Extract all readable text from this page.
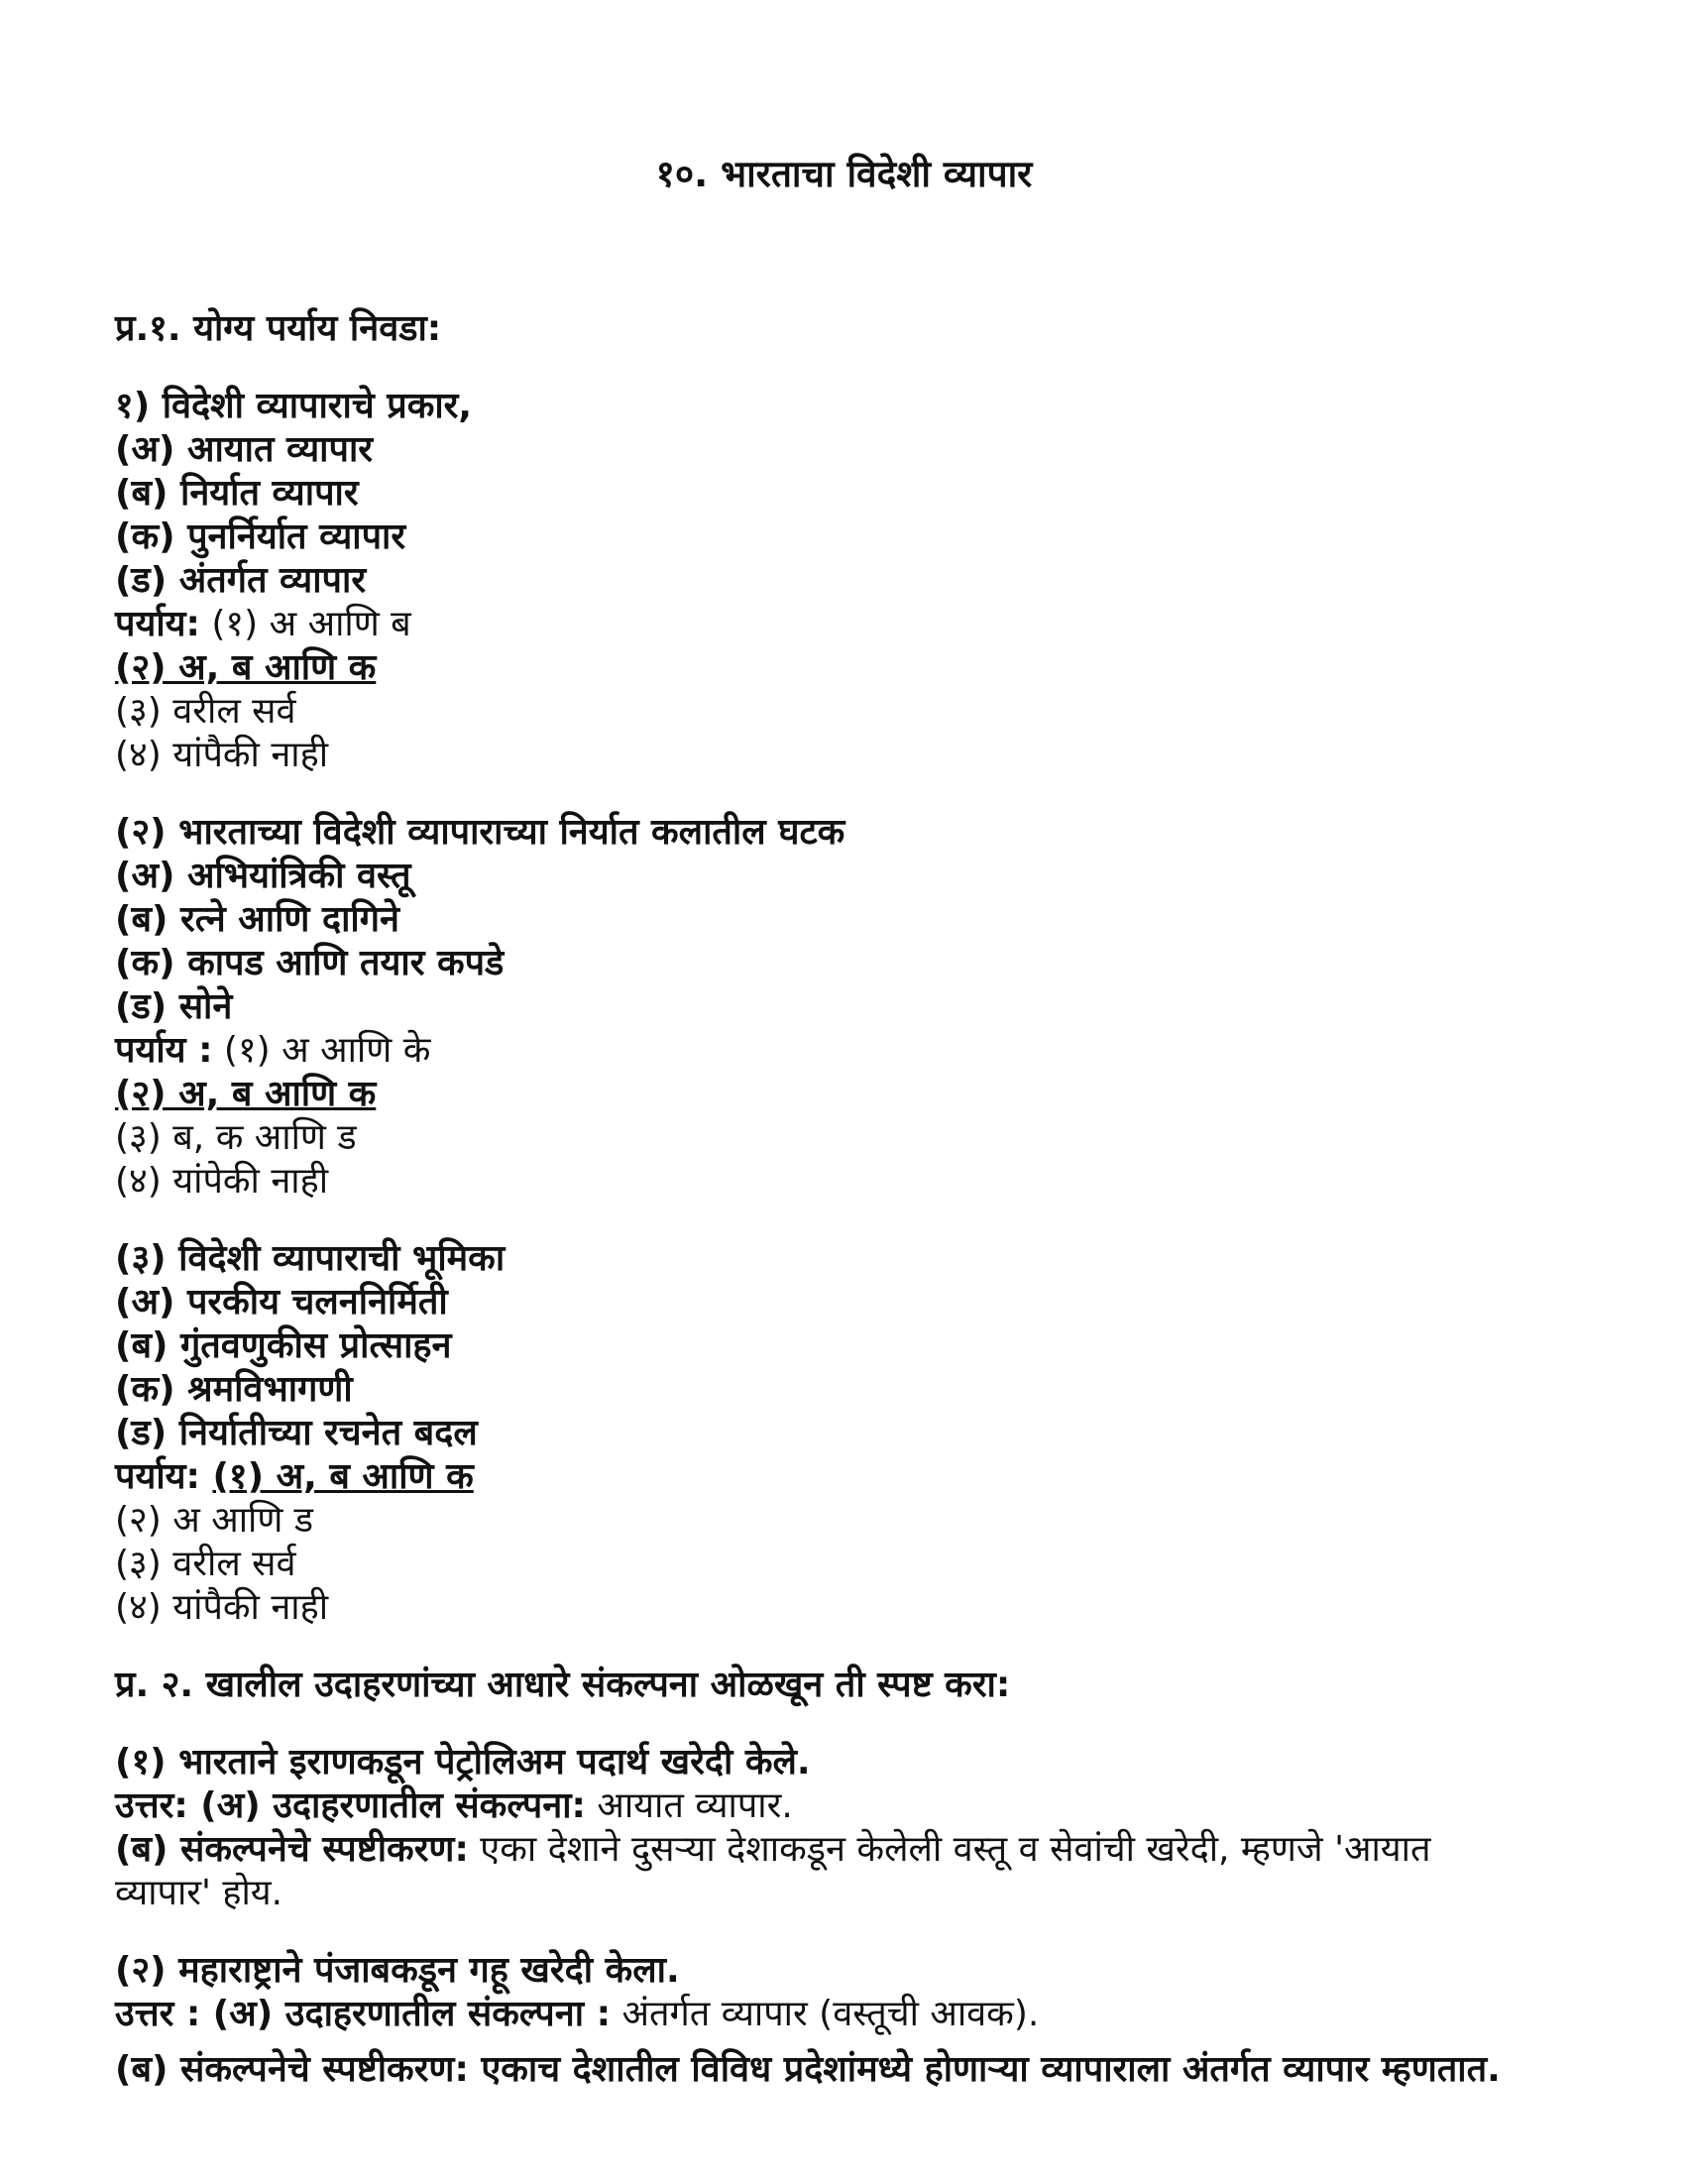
१०. भारताचा विदेशी व्यापार
प्र.१. योग्य पर्याय निवडा:
१) विदेशी व्यापाराचे प्रकार,
(अ) आयात व्यापार
(ब) निर्यात व्यापार
(क) पुनर्निर्यात व्यापार
(ड) अंतर्गत व्यापार
पर्याय: (१) अ आणि ब
(२) अ, ब आणि क
(३) वरील सर्व
(४) यांपैकी नाही
(२) भारताच्या विदेशी व्यापाराच्या निर्यात कलातील घटक
(अ) अभियांत्रिकी वस्तू
(ब) रत्ने आणि दागिने
(क) कापड आणि तयार कपडे
(ड) सोने
पर्याय : (१) अ आणि के
(२) अ, ब आणि क
(३) ब, क आणि ड
(४) यांपेकी नाही
(३) विदेशी व्यापाराची भूमिका
(अ) परकीय चलननिर्मिती
(ब) गुंतवणुकीस प्रोत्साहन
(क) श्रमविभागणी
(ड) निर्यातीच्या रचनेत बदल
पर्याय: (१) अ, ब आणि क
(२) अ आणि ड
(३) वरील सर्व
(४) यांपैकी नाही
प्र. २. खालील उदाहरणांच्या आधारे संकल्पना ओळखून ती स्पष्ट करा:
(१) भारताने इराणकडून पेट्रोलिअम पदार्थ खरेदी केले.
उत्तर: (अ) उदाहरणातील संकल्पना: आयात व्यापार.
(ब) संकल्पनेचे स्पष्टीकरण: एका देशाने दुसऱ्या देशाकडून केलेली वस्तू व सेवांची खरेदी, म्हणजे 'आयात व्यापार' होय.
(२) महाराष्ट्राने पंजाबकडून गहू खरेदी केला.
उत्तर : (अ) उदाहरणातील संकल्पना : अंतर्गत व्यापार (वस्तूची आवक).
(ब) संकल्पनेचे स्पष्टीकरण: एकाच देशातील विविध प्रदेशांमध्ये होणाऱ्या व्यापाराला अंतर्गत व्यापार म्हणतात.
